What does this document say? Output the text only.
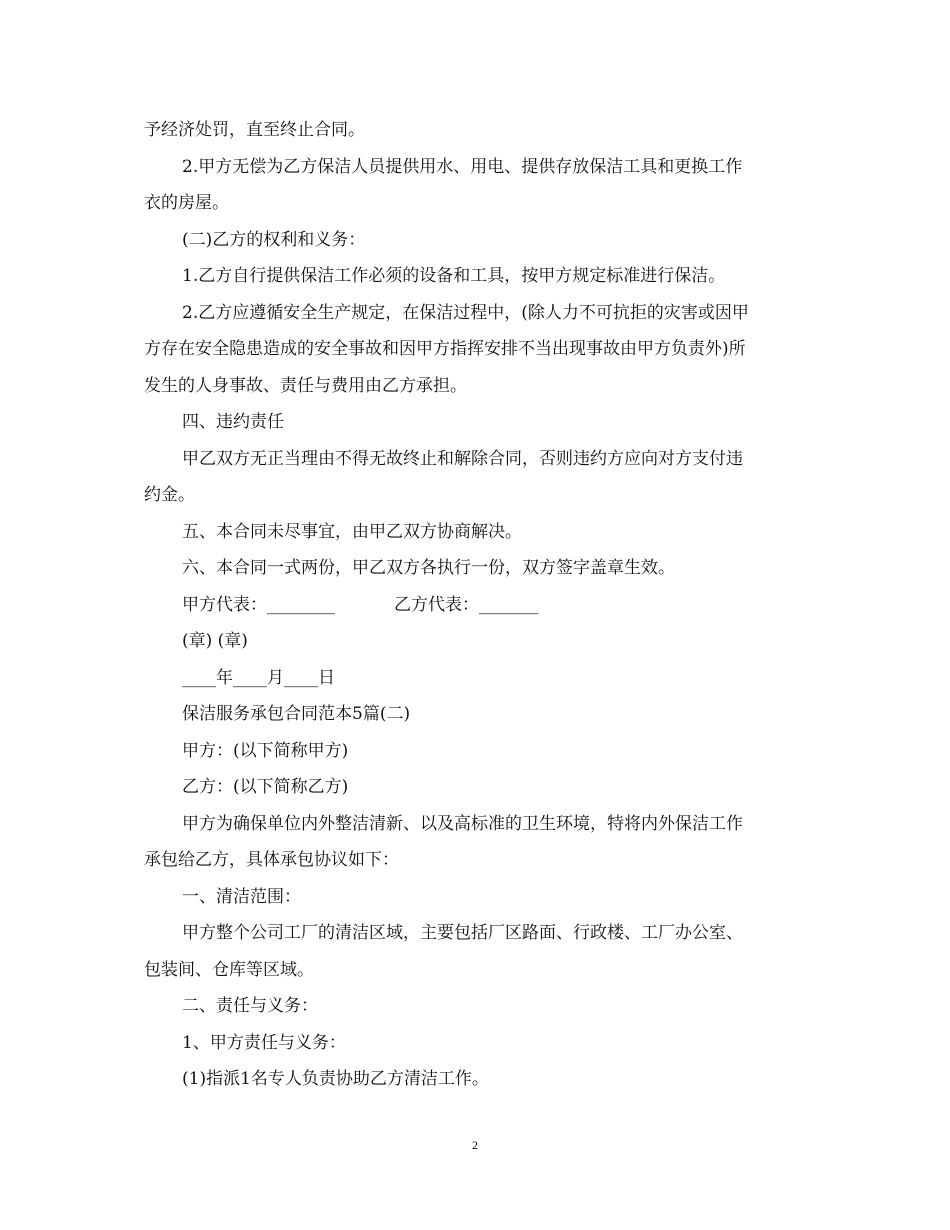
予经济处罚，直至终止合同。
2.甲方无偿为乙方保洁人员提供用水、用电、提供存放保洁工具和更换工作
衣的房屋。
(二)乙方的权利和义务：
1.乙方自行提供保洁工作必须的设备和工具，按甲方规定标准进行保洁。
2.乙方应遵循安全生产规定，在保洁过程中，(除人力不可抗拒的灾害或因甲
方存在安全隐患造成的安全事故和因甲方指挥安排不当出现事故由甲方负责外)所
发生的人身事故、责任与费用由乙方承担。
四、违约责任
甲乙双方无正当理由不得无故终止和解除合同，否则违约方应向对方支付违
约金。
五、本合同未尽事宜，由甲乙双方协商解决。
六、本合同一式两份，甲乙双方各执行一份，双方签字盖章生效。
甲方代表：________	乙方代表：_______
(章) (章)
____年____月____日
保洁服务承包合同范本5篇(二)
甲方：(以下简称甲方)
乙方：(以下简称乙方)
甲方为确保单位内外整洁清新、以及高标准的卫生环境，特将内外保洁工作
承包给乙方，具体承包协议如下：
一、清洁范围：
甲方整个公司工厂的清洁区域，主要包括厂区路面、行政楼、工厂办公室、
包装间、仓库等区域。
二、责任与义务：
1、甲方责任与义务：
(1)指派1名专人负责协助乙方清洁工作。
2
